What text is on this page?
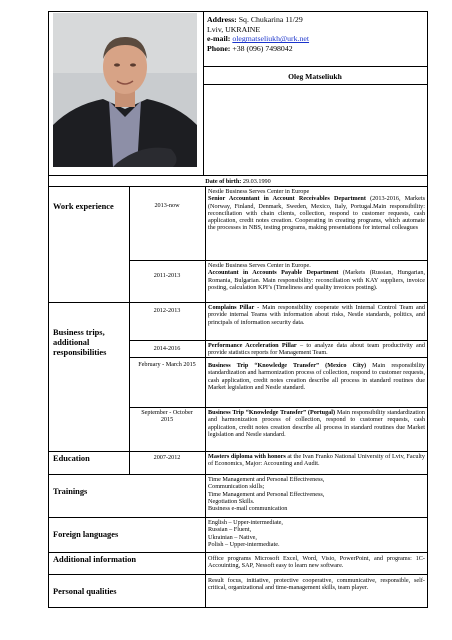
Address: Sq. Chukarina 11/29
Lviv, UKRAINE
e-mail: olegmatseliukh@urk.net
Phone: +38 (096) 7498042
Oleg Matseliukh
Date of birth: 29.03.1990
Work experience
Business trips,
additional
responsibilities
Education
Trainings
Foreign languages
Additional information
Personal qualities
2013-now
2011-2013
2012-2013
2014-2016
February - March 2015
September - October
2015
2007-2012
Nestle Business Serves Center in Europe
Senior Accountant in Account Receivables Department (2013-2016, Markets (Norway, Finland, Denmark, Sweden, Mexico, Italy, Portugal.Main responsibility: reconciliation with chain clients, collection, respond to customer requests, cash application, credit notes creation. Cooperating in creating programs, which automate the processes in NBS, testing programs, making presentations for internal colleagues
Nestle Business Serves Center in Europe.
Accountant in Accounts Payable Department (Markets (Russian, Hungarian, Romania, Bulgarian. Main responsibility: reconciliation with KAY suppliers, invoice posting, calculation KPI’s (Timeliness and quality invoices posting).
Complains Pillar - Main responsibility cooperate with Internal Control Team and provide internal Teams with information about risks, Nestle standards, politics, and principals of information security data.
Performance Acceleration Pillar – to analyze data about team productivity and provide statistics reports for Management Team.
Business Trip “Knowledge Transfer” (Mexico City) Main responsibility standardization and harmonization process of collection, respond to customer requests, cash application, credit notes creation describe all process in standard routines due Market legislation and Nestle standard.
Business Trip “Knowledge Transfer” (Portugal) Main responsibility standardization and harmonization process of collection, respond to customer requests, cash application, credit notes creation describe all process in standard routines due Market legislation and Nestle standard.
Masters diploma with honors at the Ivan Franko National University of Lviv, Faculty of Economics, Major: Accounting and Audit.
Time Management and Personal Effectiveness,
Communication skills;
Time Management and Personal Effectiveness,
Negotiation Skills.
Business e-mail communication
English – Upper-intermediate,
Russian – Fluent,
Ukrainian – Native,
Polish – Upper-intermediate.
Office programs Microsoft Excel, Word, Visio, PowerPoint, and programs: 1C-Accouinting, SAP, Nessoft easy to learn new software.
Result focus, initiative, protective cooperative, communicative, responsible, self-critical, organizational and time-management skills, team player.
